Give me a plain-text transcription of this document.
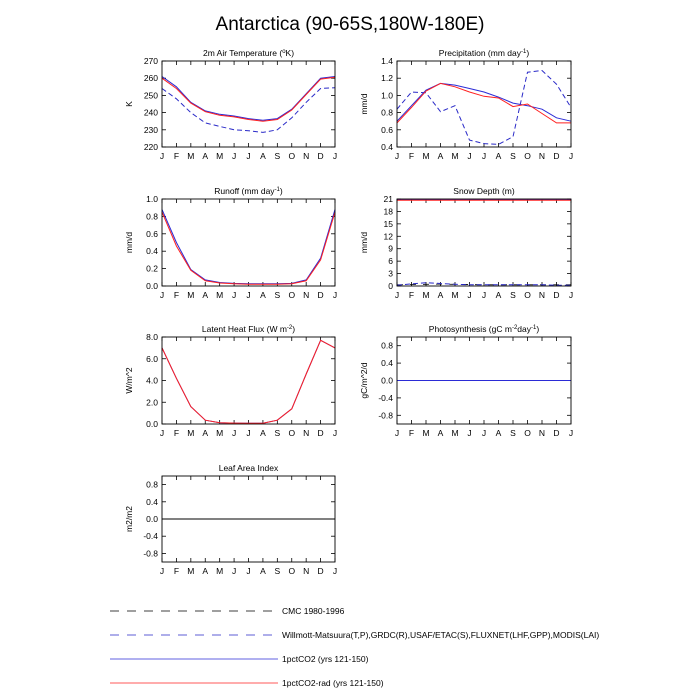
Antarctica (90-65S,180W-180E)
2m Air Temperature ($^o$K)
K
220
230
240
250
260
270
J F M A M J J A S O N D J
Precipitation (mm day$^{-1}$)
mm/d
0.4
0.6
0.8
1.0
1.2
1.4
J F M A M J J A S O N D J
Runoff (mm day$^{-1}$)
mm/d
0.0
0.2
0.4
0.6
0.8
1.0
J F M A M J J A S O N D J
Snow Depth (m)
mm/d
0
3
6
9
12
15
18
21
J F M A M J J A S O N D J
Latent Heat Flux (W $m^{-2}$)
W/m^2
0.0
2.0
4.0
6.0
8.0
J F M A M J J A S O N D J
Photosynthesis (gC $m^{-2}day^{-1}$)
gC/m^2/d
-0.8
-0.4
0.0
0.4
0.8
J F M A M J J A S O N D J
Leaf Area Index
m2/m2
-0.8
-0.4
0.0
0.4
0.8
J F M A M J J A S O N D J
CMC 1980-1996
Willmott-Matsuura(T,P),GRDC(R),USAF/ETAC(S),FLUXNET(LHF,GPP),MODIS(LAI)
1pctCO2 (yrs 121-150)
1pctCO2-rad (yrs 121-150)
